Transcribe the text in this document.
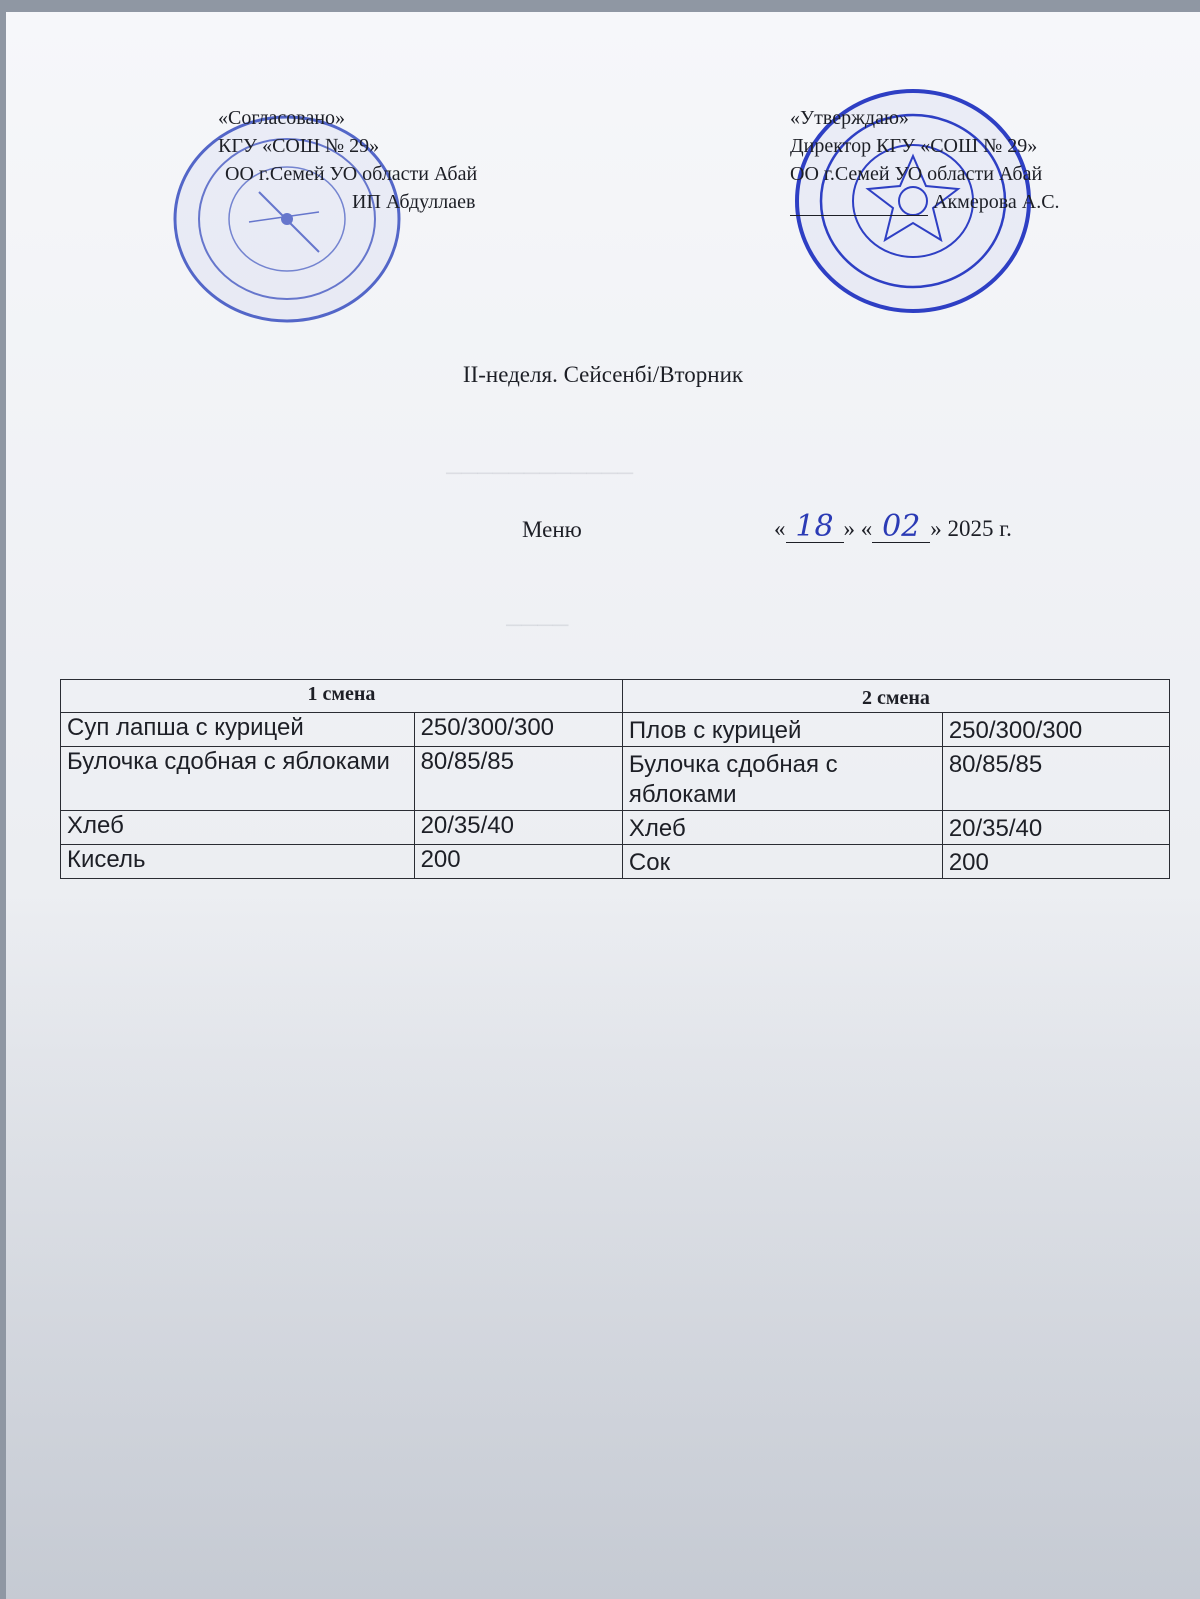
────────────
────
«Согласовано»
КГУ «СОШ № 29»
ОО г.Семей УО области Абай
ИП Абдуллаев
«Утверждаю»
Директор КГУ «СОШ № 29»
ОО г.Семей УО области Абай
Акмерова А.С.
II-неделя. Сейсенбі/Вторник
Меню	« 18 » « 02 » 2025 г.
1 смена		2 смена	
Суп лапша с курицей	250/300/300	Плов с курицей	250/300/300
Булочка сдобная с яблоками	80/85/85	Булочка сдобная с яблоками	80/85/85
Хлеб	20/35/40	Хлеб	20/35/40
Кисель	200	Сок	200
